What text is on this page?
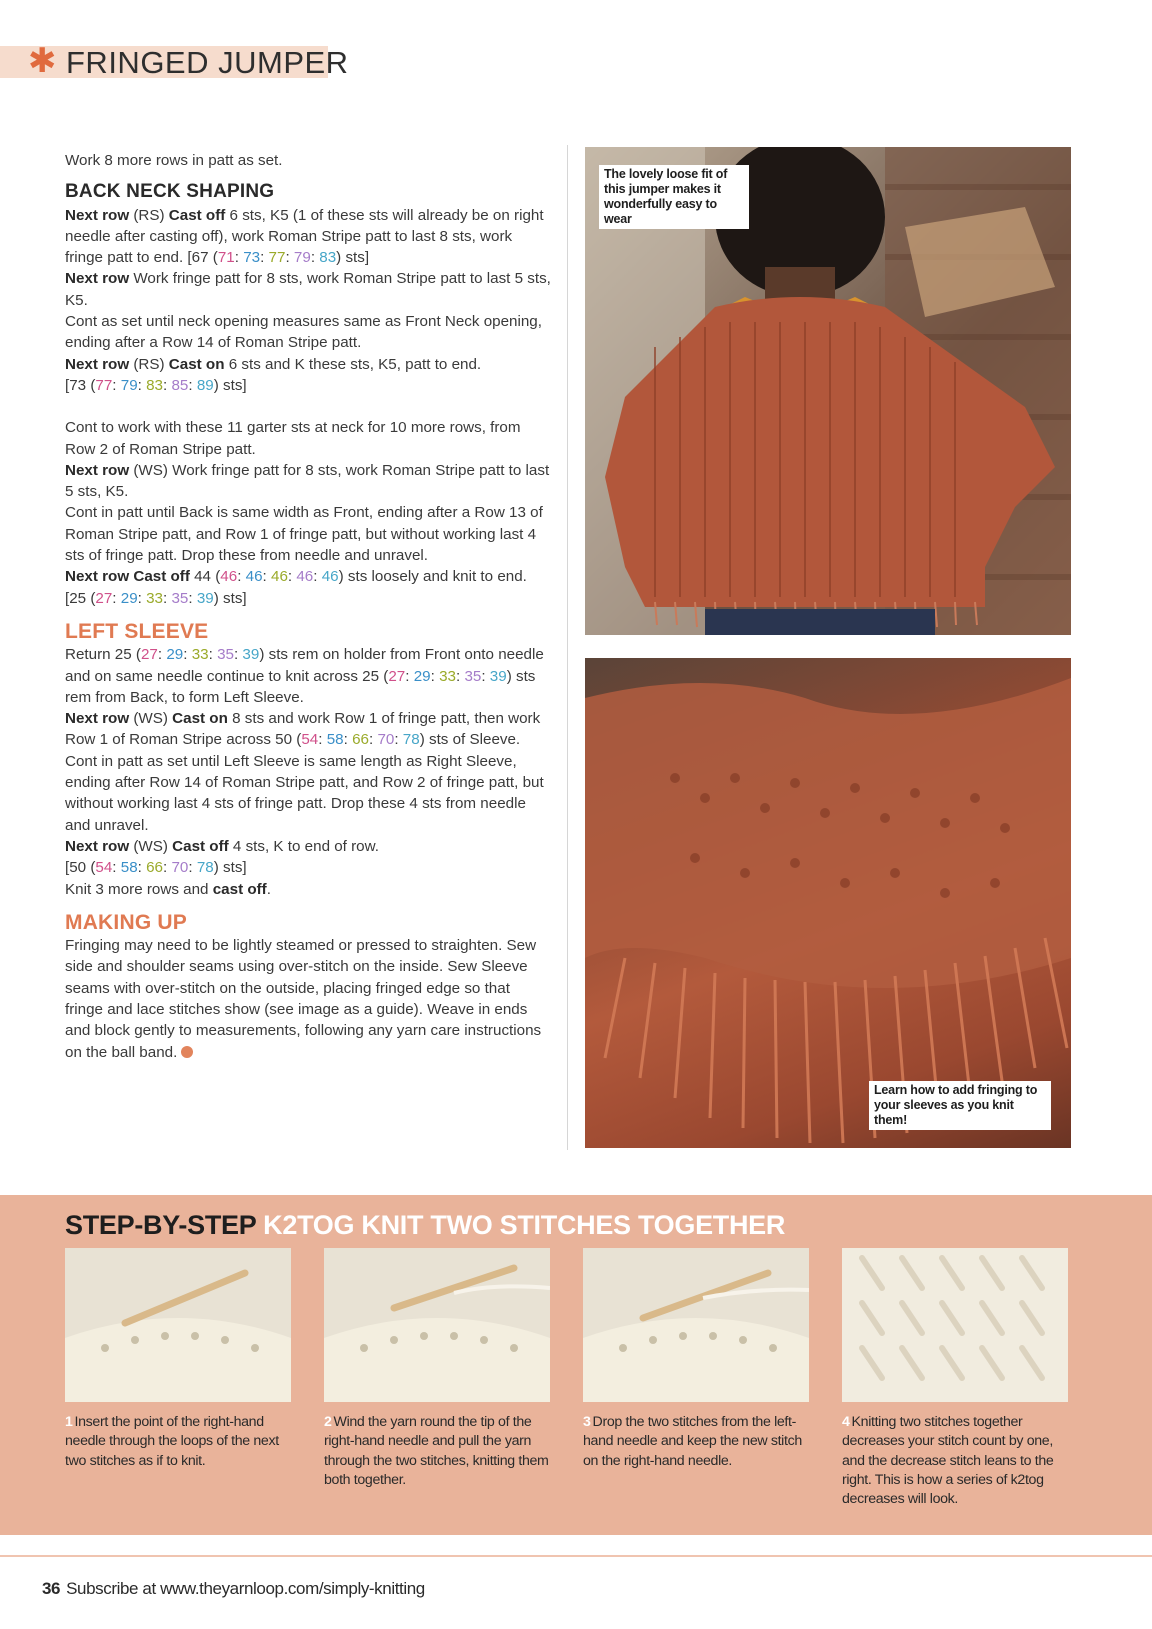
✱ FRINGED JUMPER

Work 8 more rows in patt as set.

BACK NECK SHAPING

Next row (RS) Cast off 6 sts, K5 (1 of these sts will already be on right needle after casting off), work Roman Stripe patt to last 8 sts, work fringe patt to end. [67 (71: 73: 77: 79: 83) sts]

Next row Work fringe patt for 8 sts, work Roman Stripe patt to last 5 sts, K5.

Cont as set until neck opening measures same as Front Neck opening, ending after a Row 14 of Roman Stripe patt.

Next row (RS) Cast on 6 sts and K these sts, K5, patt to end.
[73 (77: 79: 83: 85: 89) sts]

Cont to work with these 11 garter sts at neck for 10 more rows, from Row 2 of Roman Stripe patt.

Next row (WS) Work fringe patt for 8 sts, work Roman Stripe patt to last 5 sts, K5.

Cont in patt until Back is same width as Front, ending after a Row 13 of Roman Stripe patt, and Row 1 of fringe patt, but without working last 4 sts of fringe patt. Drop these from needle and unravel.

Next row Cast off 44 (46: 46: 46: 46: 46) sts loosely and knit to end. [25 (27: 29: 33: 35: 39) sts]

LEFT SLEEVE

Return 25 (27: 29: 33: 35: 39) sts rem on holder from Front onto needle and on same needle continue to knit across 25 (27: 29: 33: 35: 39) sts rem from Back, to form Left Sleeve.

Next row (WS) Cast on 8 sts and work Row 1 of fringe patt, then work Row 1 of Roman Stripe across 50 (54: 58: 66: 70: 78) sts of Sleeve.

Cont in patt as set until Left Sleeve is same length as Right Sleeve, ending after Row 14 of Roman Stripe patt, and Row 2 of fringe patt, but without working last 4 sts of fringe patt. Drop these 4 sts from needle and unravel.

Next row (WS) Cast off 4 sts, K to end of row.
[50 (54: 58: 66: 70: 78) sts]

Knit 3 more rows and cast off.

MAKING UP

Fringing may need to be lightly steamed or pressed to straighten. Sew side and shoulder seams using over-stitch on the inside. Sew Sleeve seams with over-stitch on the outside, placing fringed edge so that fringe and lace stitches show (see image as a guide). Weave in ends and block gently to measurements, following any yarn care instructions on the ball band.

The lovely loose fit of this jumper makes it wonderfully easy to wear
Learn how to add fringing to your sleeves as you knit them!
STEP-BY-STEP K2TOG KNIT TWO STITCHES TOGETHER
1 Insert the point of the right-hand needle through the loops of the next two stitches as if to knit.
2 Wind the yarn round the tip of the right-hand needle and pull the yarn through the two stitches, knitting them both together.
3 Drop the two stitches from the left-hand needle and keep the new stitch on the right-hand needle.
4 Knitting two stitches together decreases your stitch count by one, and the decrease stitch leans to the right. This is how a series of k2tog decreases will look.
36 Subscribe at www.theyarnloop.com/simply-knitting
